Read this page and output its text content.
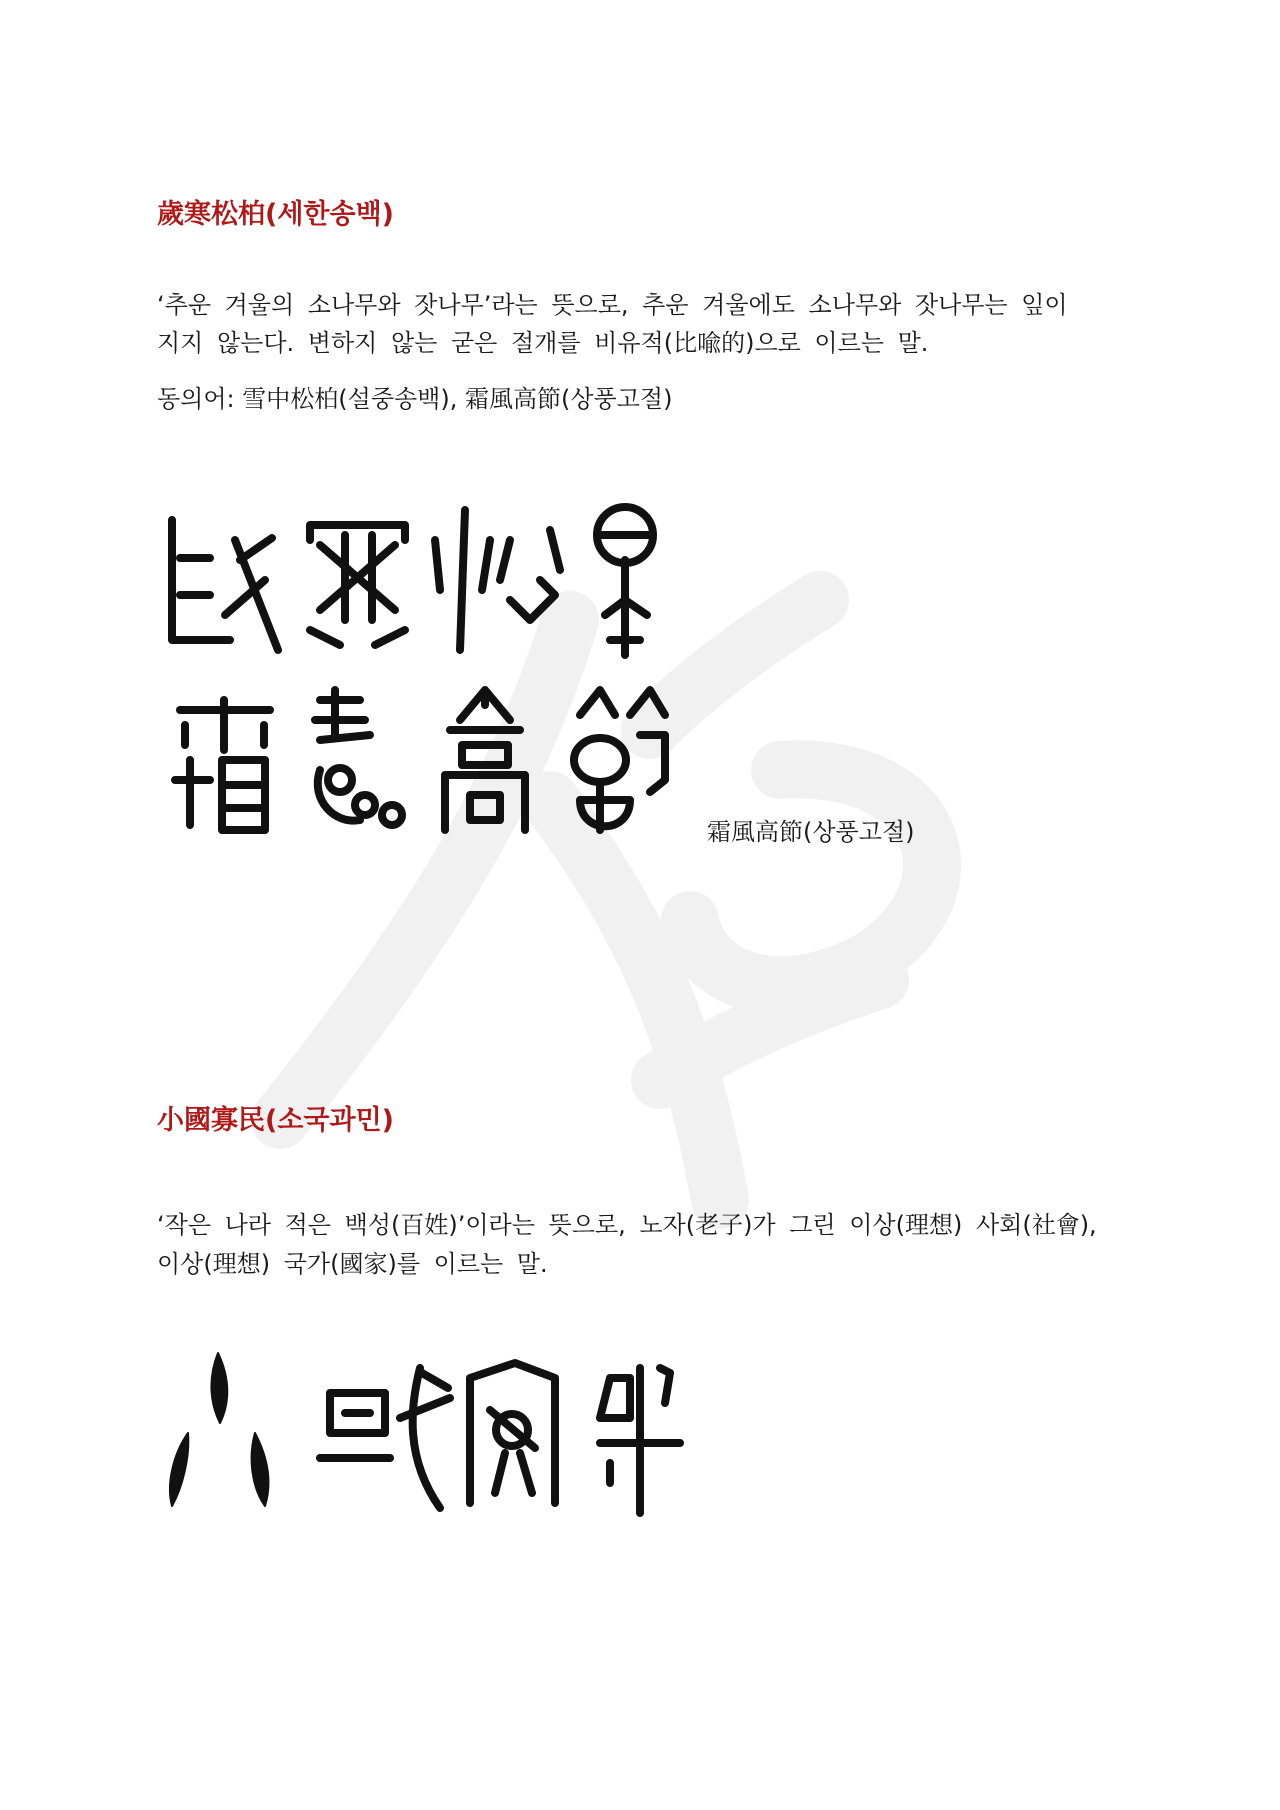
歲寒松柏(세한송백)

‘추운 겨울의 소나무와 잣나무’라는 뜻으로, 추운 겨울에도 소나무와 잣나무는 잎이

지지 않는다. 변하지 않는 굳은 절개를 비유적(比喩的)으로 이르는 말.

동의어: 雪中松柏(설중송백), 霜風高節(상풍고절)

霜風高節(상풍고절)

小國寡民(소국과민)

‘작은 나라 적은 백성(百姓)’이라는 뜻으로, 노자(老子)가 그린 이상(理想) 사회(社會),

이상(理想) 국가(國家)를 이르는 말.
